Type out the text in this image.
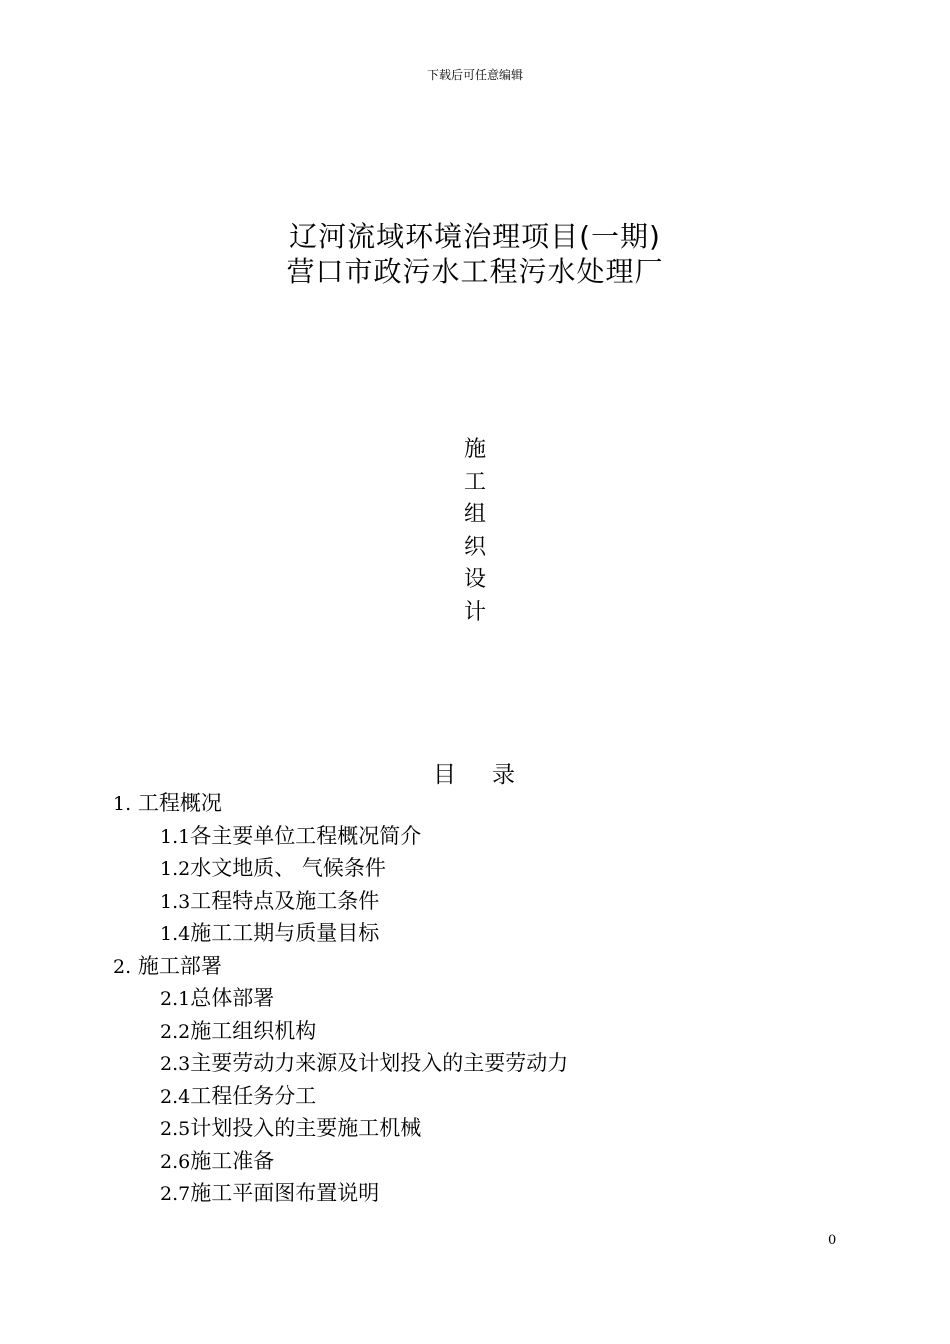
下载后可任意编辑
辽河流域环境治理项目(一期)
营口市政污水工程污水处理厂
施
工
组
织
设
计
目 录
1. 工程概况
1.1各主要单位工程概况简介
1.2水文地质、 气候条件
1.3工程特点及施工条件
1.4施工工期与质量目标
2. 施工部署
2.1总体部署
2.2施工组织机构
2.3主要劳动力来源及计划投入的主要劳动力
2.4工程任务分工
2.5计划投入的主要施工机械
2.6施工准备
2.7施工平面图布置说明
0
